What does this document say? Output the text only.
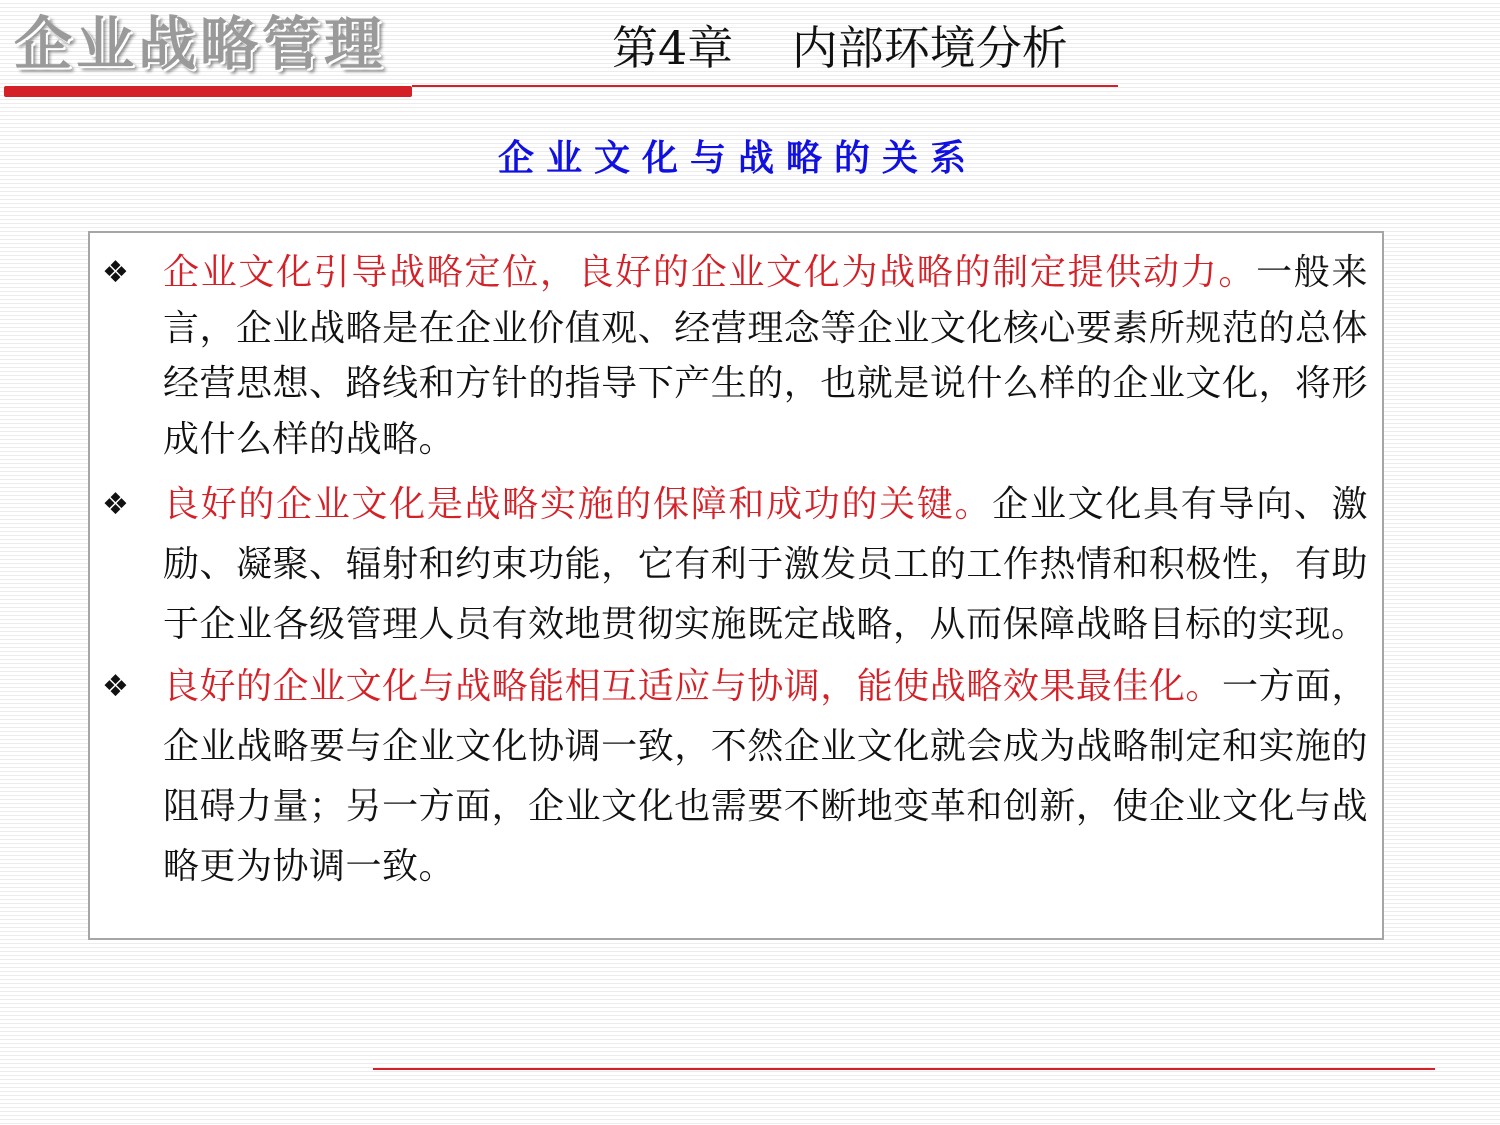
企业战略管理	第4章    内部环境分析
企业文化与战略的关系
❖ 企业文化引导战略定位，良好的企业文化为战略的制定提供动力。一般来言，企业战略是在企业价值观、经营理念等企业文化核心要素所规范的总体经营思想、路线和方针的指导下产生的，也就是说什么样的企业文化，将形成什么样的战略。
❖ 良好的企业文化是战略实施的保障和成功的关键。企业文化具有导向、激励、凝聚、辐射和约束功能，它有利于激发员工的工作热情和积极性，有助于企业各级管理人员有效地贯彻实施既定战略，从而保障战略目标的实现。
❖ 良好的企业文化与战略能相互适应与协调，能使战略效果最佳化。一方面，企业战略要与企业文化协调一致，不然企业文化就会成为战略制定和实施的阻碍力量；另一方面，企业文化也需要不断地变革和创新，使企业文化与战略更为协调一致。
